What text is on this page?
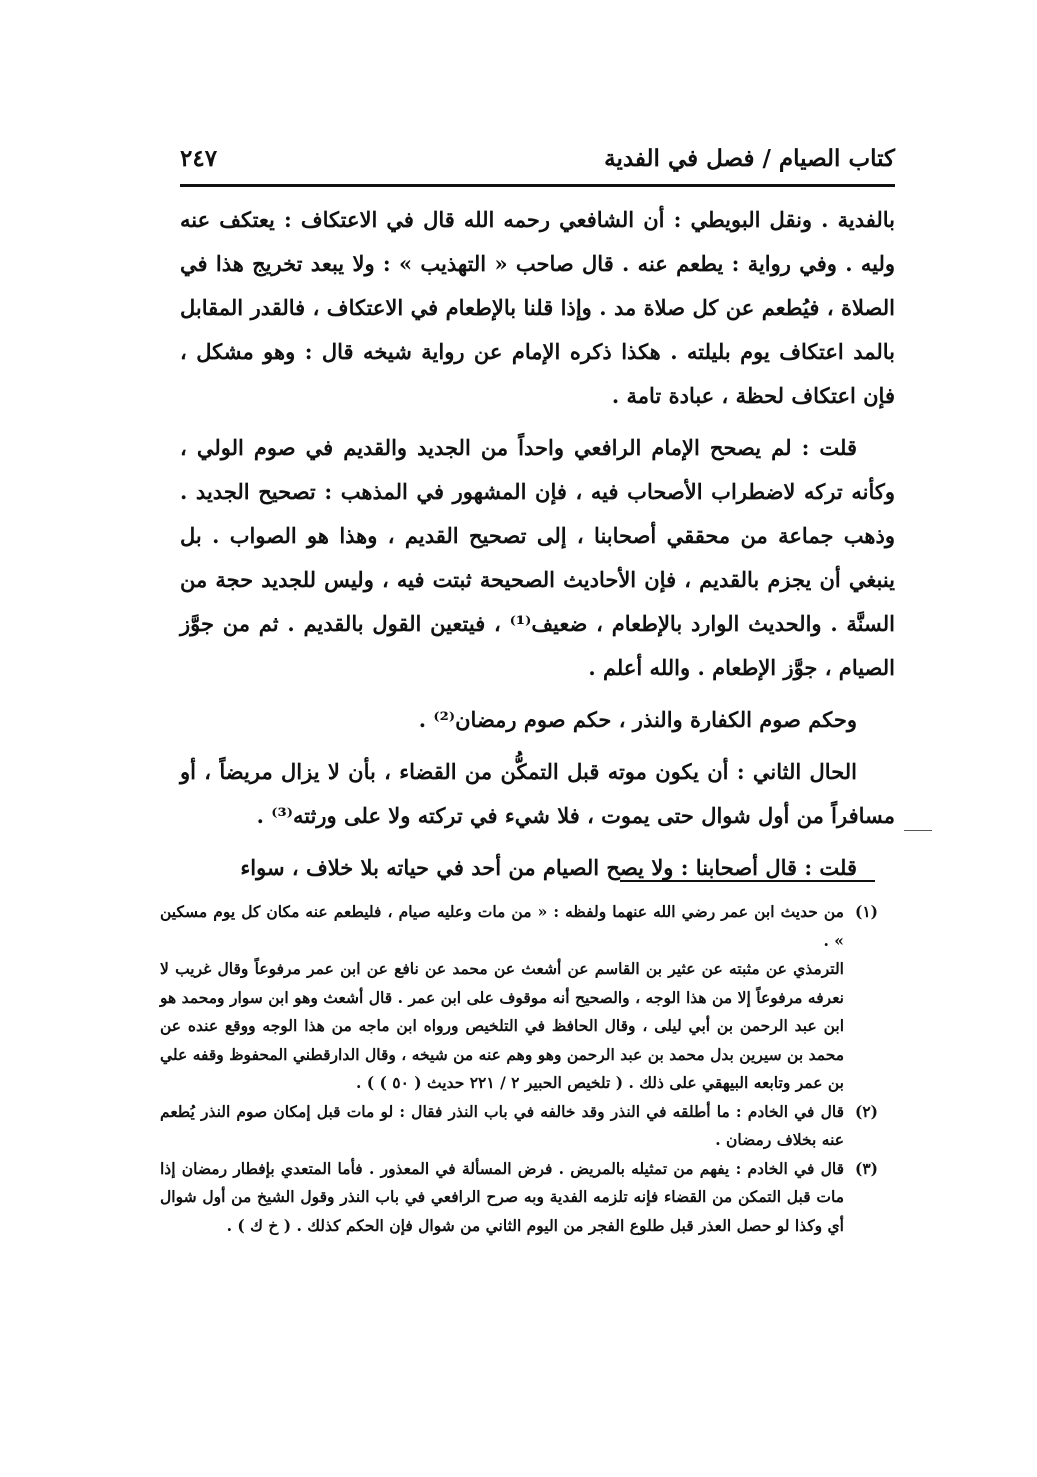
كتاب الصيام / فصل في الفدية
٢٤٧

بالفدية . ونقل البويطي : أن الشافعي رحمه الله قال في الاعتكاف : يعتكف عنه وليه . وفي رواية : يطعم عنه . قال صاحب « التهذيب » : ولا يبعد تخريج هذا في الصلاة ، فيُطعم عن كل صلاة مد . وإذا قلنا بالإطعام في الاعتكاف ، فالقدر المقابل بالمد اعتكاف يوم بليلته . هكذا ذكره الإمام عن رواية شيخه قال : وهو مشكل ، فإن اعتكاف لحظة ، عبادة تامة .

قلت : لم يصحح الإمام الرافعي واحداً من الجديد والقديم في صوم الولي ، وكأنه تركه لاضطراب الأصحاب فيه ، فإن المشهور في المذهب : تصحيح الجديد . وذهب جماعة من محققي أصحابنا ، إلى تصحيح القديم ، وهذا هو الصواب . بل ينبغي أن يجزم بالقديم ، فإن الأحاديث الصحيحة ثبتت فيه ، وليس للجديد حجة من السنَّة . والحديث الوارد بالإطعام ، ضعيف⁽¹⁾ ، فيتعين القول بالقديم . ثم من جوَّز الصيام ، جوَّز الإطعام . والله أعلم .

وحكم صوم الكفارة والنذر ، حكم صوم رمضان⁽²⁾ .

الحال الثاني : أن يكون موته قبل التمكُّن من القضاء ، بأن لا يزال مريضاً ، أو مسافراً من أول شوال حتى يموت ، فلا شيء في تركته ولا على ورثته⁽³⁾ .

قلت : قال أصحابنا : ولا يصح الصيام من أحد في حياته بلا خلاف ، سواء

(١)

من حديث ابن عمر رضي الله عنهما ولفظه : « من مات وعليه صيام ، فليطعم عنه مكان كل يوم مسكين » .

الترمذي عن مثبته عن عثير بن القاسم عن أشعث عن محمد عن نافع عن ابن عمر مرفوعاً وقال غريب لا نعرفه مرفوعاً إلا من هذا الوجه ، والصحيح أنه موقوف على ابن عمر . قال أشعث وهو ابن سوار ومحمد هو ابن عبد الرحمن بن أبي ليلى ، وقال الحافظ في التلخيص ورواه ابن ماجه من هذا الوجه ووقع عنده عن محمد بن سيرين بدل محمد بن عبد الرحمن وهو وهم عنه من شيخه ، وقال الدارقطني المحفوظ وقفه علي بن عمر وتابعه البيهقي على ذلك . ( تلخيص الحبير ٢ / ٢٢١ حديث ( ٥٠ ) ) .

(٢)

قال في الخادم : ما أطلقه في النذر وقد خالفه في باب النذر فقال : لو مات قبل إمكان صوم النذر يُطعم عنه بخلاف رمضان .

(٣)

قال في الخادم : يفهم من تمثيله بالمريض . فرض المسألة في المعذور . فأما المتعدي بإفطار رمضان إذا مات قبل التمكن من القضاء فإنه تلزمه الفدية وبه صرح الرافعي في باب النذر وقول الشيخ من أول شوال أي وكذا لو حصل العذر قبل طلوع الفجر من اليوم الثاني من شوال فإن الحكم كذلك . ( خ ك ) .
